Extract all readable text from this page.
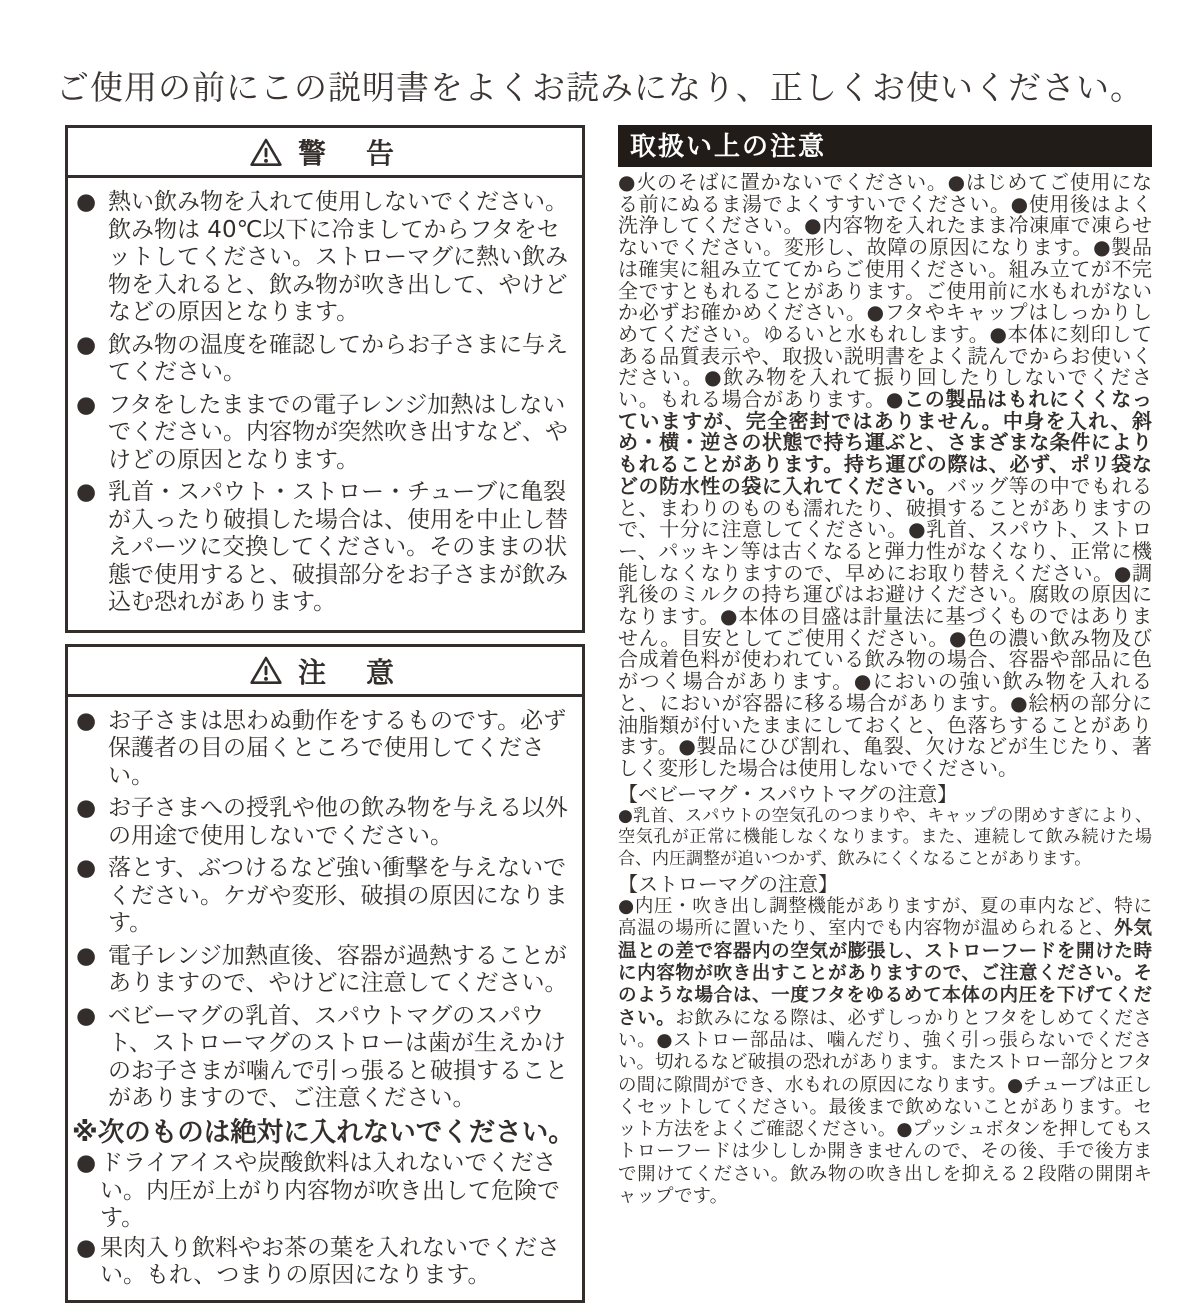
ご使用の前にこの説明書をよくお読みになり、正しくお使いください。
警　告
● 熱い飲み物を入れて使用しないでください。飲み物は 40℃以下に冷ましてからフタをセットしてください。ストローマグに熱い飲み物を入れると、飲み物が吹き出して、やけどなどの原因となります。
● 飲み物の温度を確認してからお子さまに与えてください。
● フタをしたままでの電子レンジ加熱はしないでください。内容物が突然吹き出すなど、やけどの原因となります。
● 乳首・スパウト・ストロー・チューブに亀裂が入ったり破損した場合は、使用を中止し替えパーツに交換してください。そのままの状態で使用すると、破損部分をお子さまが飲み込む恐れがあります。
注　意
● お子さまは思わぬ動作をするものです。必ず保護者の目の届くところで使用してください。
● お子さまへの授乳や他の飲み物を与える以外の用途で使用しないでください。
● 落とす、ぶつけるなど強い衝撃を与えないでください。ケガや変形、破損の原因になります。
● 電子レンジ加熱直後、容器が過熱することがありますので、やけどに注意してください。
● ベビーマグの乳首、スパウトマグのスパウト、ストローマグのストローは歯が生えかけのお子さまが噛んで引っ張ると破損することがありますので、ご注意ください。
※次のものは絶対に入れないでください。
● ドライアイスや炭酸飲料は入れないでください。内圧が上がり内容物が吹き出して危険です。
● 果肉入り飲料やお茶の葉を入れないでください。もれ、つまりの原因になります。
取扱い上の注意
●火のそばに置かないでください。●はじめてご使用になる前にぬるま湯でよくすすいでください。●使用後はよく洗浄してください。●内容物を入れたまま冷凍庫で凍らせないでください。変形し、故障の原因になります。●製品は確実に組み立ててからご使用ください。組み立てが不完全ですともれることがあります。ご使用前に水もれがないか必ずお確かめください。●フタやキャップはしっかりしめてください。ゆるいと水もれします。●本体に刻印してある品質表示や、取扱い説明書をよく読んでからお使いください。●飲み物を入れて振り回したりしないでください。もれる場合があります。●この製品はもれにくくなっていますが、完全密封ではありません。中身を入れ、斜め・横・逆さの状態で持ち運ぶと、さまざまな条件によりもれることがあります。持ち運びの際は、必ず、ポリ袋などの防水性の袋に入れてください。バッグ等の中でもれると、まわりのものも濡れたり、破損することがありますので、十分に注意してください。●乳首、スパウト、ストロー、パッキン等は古くなると弾力性がなくなり、正常に機能しなくなりますので、早めにお取り替えください。●調乳後のミルクの持ち運びはお避けください。腐敗の原因になります。●本体の目盛は計量法に基づくものではありません。目安としてご使用ください。●色の濃い飲み物及び合成着色料が使われている飲み物の場合、容器や部品に色がつく場合があります。●においの強い飲み物を入れると、においが容器に移る場合があります。●絵柄の部分に油脂類が付いたままにしておくと、色落ちすることがあります。●製品にひび割れ、亀裂、欠けなどが生じたり、著しく変形した場合は使用しないでください。
【ベビーマグ・スパウトマグの注意】
●乳首、スパウトの空気孔のつまりや、キャップの閉めすぎにより、空気孔が正常に機能しなくなります。また、連続して飲み続けた場合、内圧調整が追いつかず、飲みにくくなることがあります。
【ストローマグの注意】
●内圧・吹き出し調整機能がありますが、夏の車内など、特に高温の場所に置いたり、室内でも内容物が温められると、外気温との差で容器内の空気が膨張し、ストローフードを開けた時に内容物が吹き出すことがありますので、ご注意ください。そのような場合は、一度フタをゆるめて本体の内圧を下げてください。お飲みになる際は、必ずしっかりとフタをしめてください。●ストロー部品は、噛んだり、強く引っ張らないでください。切れるなど破損の恐れがあります。またストロー部分とフタの間に隙間ができ、水もれの原因になります。●チューブは正しくセットしてください。最後まで飲めないことがあります。セット方法をよくご確認ください。●プッシュボタンを押してもストローフードは少ししか開きませんので、その後、手で後方まで開けてください。飲み物の吹き出しを抑える２段階の開閉キャップです。
